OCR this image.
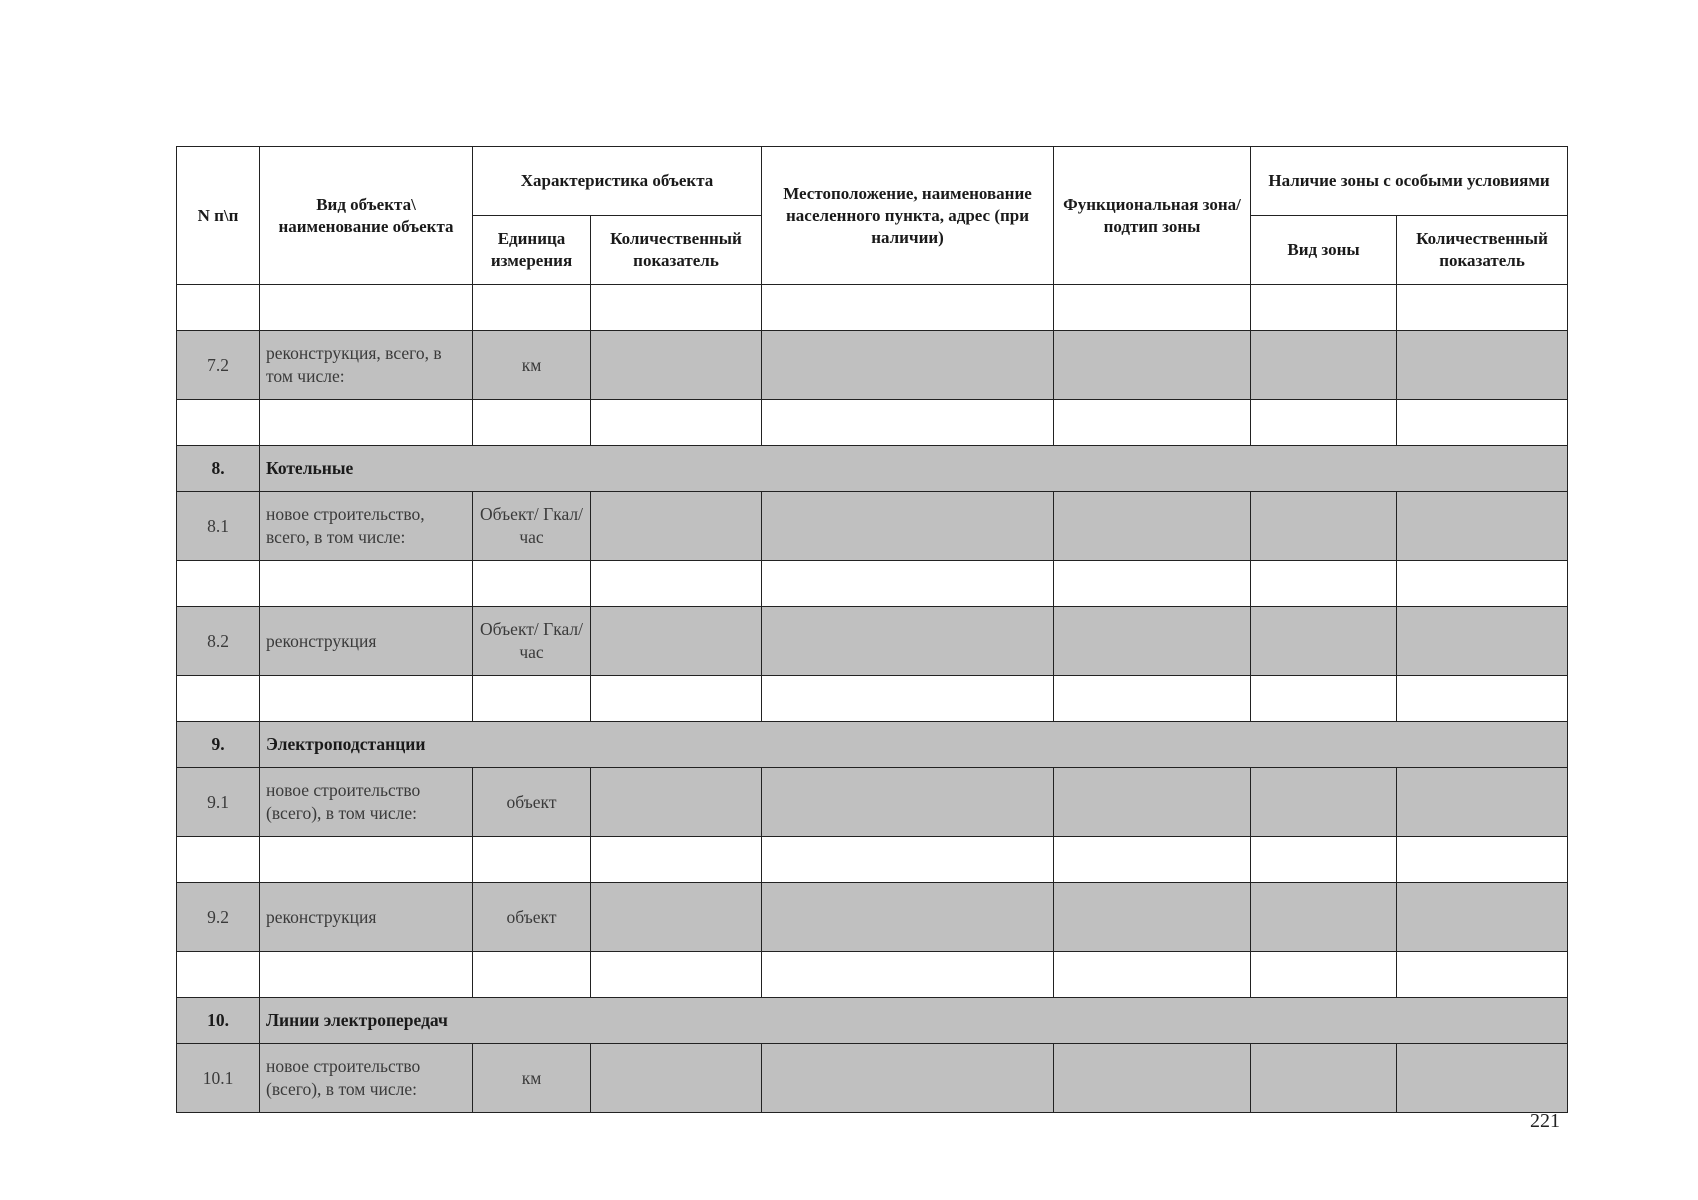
N п\п	Вид объекта\ наименование объекта	Характеристика объекта		Местоположение, наименование населенного пункта, адрес (при наличии)	Функциональная зона/ подтип зоны	Наличие зоны с особыми условиями	
		Единица измерения	Количественный показатель			Вид зоны	Количественный показатель

7.2	реконструкция, всего, в том числе:	км					

8.	Котельные						
8.1	новое строительство, всего, в том числе:	Объект/ Гкал/час					

8.2	реконструкция	Объект/ Гкал/час					

9.	Электроподстанции						
9.1	новое строительство (всего), в том числе:	объект					

9.2	реконструкция	объект					

10.	Линии электропередач						
10.1	новое строительство (всего), в том числе:	км					
221
